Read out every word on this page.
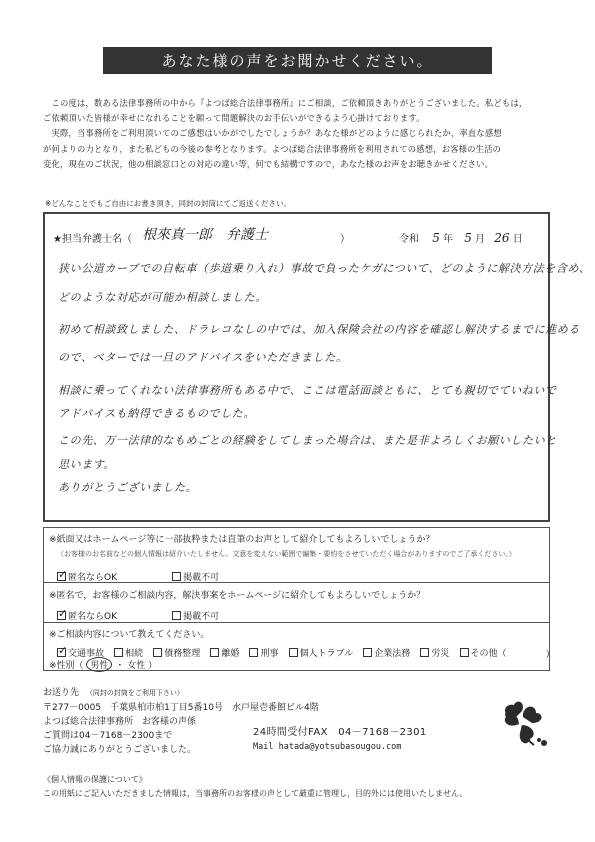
あなた様の声をお聞かせください。

　この度は，数ある法律事務所の中から『よつば総合法律事務所』にご相談，ご依頼頂きありがとうございました。私どもは，

ご依頼頂いた皆様が幸せになれることを願って問題解決のお手伝いができるよう心掛けております。

　実際，当事務所をご利用頂いてのご感想はいかがでしたでしょうか？あなた様がどのように感じられたか，率直な感想

が何よりの力となり，また私どもの今後の参考となります。よつば総合法律事務所を利用されての感想，お客様の生活の

変化，現在のご状況，他の相談窓口との対応の違い等，何でも結構ですので，あなた様のお声をお聴きかせください。

※どんなことでもご自由にお書き頂き，同封の封筒にてご返送ください。
★担当弁護士名（ 根來真一郎　弁護士	）	令和 5 年 5 月 26 日
狭い公道カーブでの自転車（歩道乗り入れ）事故で負ったケガについて、どのように解決方法を含め、
どのような対応が可能か相談しました。
初めて相談致しました、ドラレコなしの中では、加入保険会社の内容を確認し解決するまでに進める
ので、ベターでは一旦のアドバイスをいただきました。
相談に乗ってくれない法律事務所もある中で、ここは電話面談ともに、とても親切でていねいで
アドバイスも納得できるものでした。
この先、万一法律的なもめごとの経験をしてしまった場合は、また是非よろしくお願いしたいと
思います。
ありがとうございました。
※紙面又はホームページ等に一部抜粋または直筆のお声として紹介してもよろしいでしょうか？
（お客様のお名前などの個人情報は紹介いたしません。文意を変えない範囲で編集・要約をさせていただく場合がありますのでご了承ください。）
✓
匿名ならOK
	掲載不可
※匿名で，お客様のご相談内容，解決事案をホームページに紹介してもよろしいでしょうか？
✓
匿名ならOK
	掲載不可
※ご相談内容について教えてください。
✓
交通事故
相続
債務整理
離婚
刑事
個人トラブル
企業法務
労災
その他（	）
※性別（ 男性 ・ 女性 ）
お送り先 （同封の封筒をご利用下さい）
〒277－0005　千葉県柏市柏1丁目5番10号　水戸屋壱番館ビル4階
よつば総合法律事務所　お客様の声係
ご質問は04－7168－2300まで	24時間受付FAX　04－7168－2301
ご協力誠にありがとうございました。	Mail hatada@yotsubasougou.com
《個人情報の保護について》
この用紙にご記入いただきました情報は，当事務所のお客様の声として厳重に管理し，目的外には使用いたしません。
